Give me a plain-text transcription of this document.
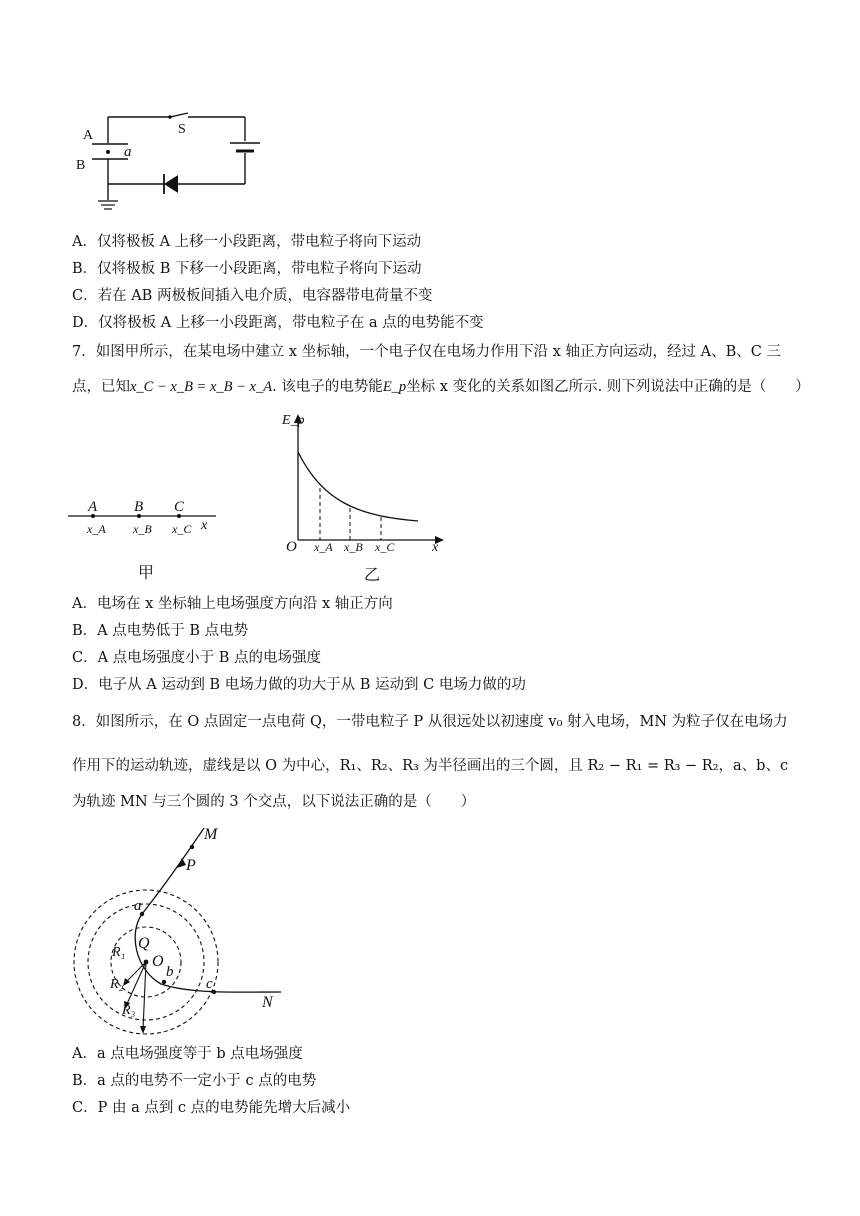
A
B
S
a
A．仅将极板 A 上移一小段距离，带电粒子将向下运动
B．仅将极板 B 下移一小段距离，带电粒子将向下运动
C．若在 AB 两极板间插入电介质，电容器带电荷量不变
D．仅将极板 A 上移一小段距离，带电粒子在 a 点的电势能不变
7．如图甲所示，在某电场中建立 x 坐标轴，一个电子仅在电场力作用下沿 x 轴正方向运动，经过 A、B、C 三
点，已知x_C − x_B = x_B − x_A. 该电子的电势能E_p坐标 x 变化的关系如图乙所示. 则下列说法中正确的是（　　）
A B C
x_A x_B x_C x
甲
E_p
O x_A x_B x_C	x
乙
A．电场在 x 坐标轴上电场强度方向沿 x 轴正方向
B．A 点电势低于 B 点电势
C．A 点电场强度小于 B 点的电场强度
D．电子从 A 运动到 B 电场力做的功大于从 B 运动到 C 电场力做的功
8．如图所示，在 O 点固定一点电荷 Q，一带电粒子 P 从很远处以初速度 v₀ 射入电场，MN 为粒子仅在电场力
作用下的运动轨迹，虚线是以 O 为中心，R₁、R₂、R₃ 为半径画出的三个圆，且 R₂ − R₁ = R₃ − R₂，a、b、c
为轨迹 MN 与三个圆的 3 个交点，以下说法正确的是（　　）
M
P
a
Q
O
R₁
R₂
R₃
b
c
N
A．a 点电场强度等于 b 点电场强度
B．a 点的电势不一定小于 c 点的电势
C．P 由 a 点到 c 点的电势能先增大后减小
